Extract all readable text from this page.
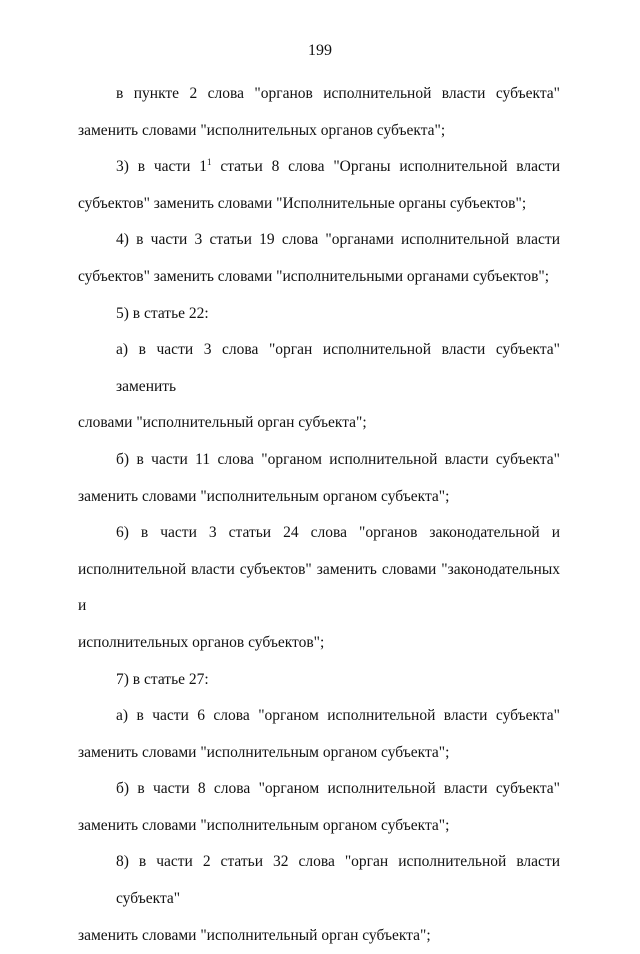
199
в пункте 2 слова "органов исполнительной власти субъекта"
заменить словами "исполнительных органов субъекта";
3) в части $1^1$ статьи 8 слова "Органы исполнительной власти
субъектов" заменить словами "Исполнительные органы субъектов";
4) в части 3 статьи 19 слова "органами исполнительной власти
субъектов" заменить словами "исполнительными органами субъектов";
5) в статье 22:
а) в части 3 слова "орган исполнительной власти субъекта" заменить
словами "исполнительный орган субъекта";
б) в части 11 слова "органом исполнительной власти субъекта"
заменить словами "исполнительным органом субъекта";
6) в части 3 статьи 24 слова "органов законодательной и
исполнительной власти субъектов" заменить словами "законодательных и
исполнительных органов субъектов";
7) в статье 27:
а) в части 6 слова "органом исполнительной власти субъекта"
заменить словами "исполнительным органом субъекта";
б) в части 8 слова "органом исполнительной власти субъекта"
заменить словами "исполнительным органом субъекта";
8) в части 2 статьи 32 слова "орган исполнительной власти субъекта"
заменить словами "исполнительный орган субъекта";
